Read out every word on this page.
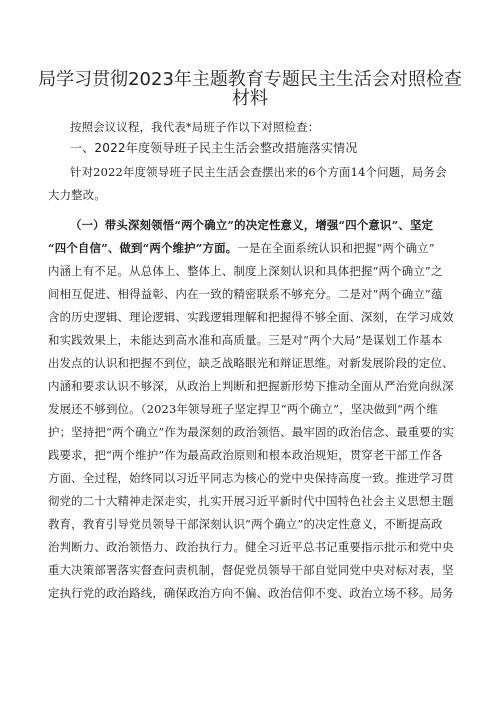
局学习贯彻2023年主题教育专题民主生活会对照检查
材料
按照会议议程，我代表*局班子作以下对照检查：
一、2022年度领导班子民主生活会整改措施落实情况
针对2022年度领导班子民主生活会查摆出来的6个方面14个问题，局务会
大力整改。
（一）带头深刻领悟“两个确立”的决定性意义，增强“四个意识”、坚定
“四个自信”、做到“两个维护”方面。一是在全面系统认识和把握“两个确立”
内涵上有不足。从总体上、整体上、制度上深刻认识和具体把握“两个确立”之
间相互促进、相得益彰、内在一致的精密联系不够充分。二是对“两个确立”蕴
含的历史逻辑、理论逻辑、实践逻辑理解和把握得不够全面、深刻，在学习成效
和实践效果上，未能达到高水准和高质量。三是对“两个大局”是谋划工作基本
出发点的认识和把握不到位，缺乏战略眼光和辩证思维。对新发展阶段的定位、
内涵和要求认识不够深，从政治上判断和把握新形势下推动全面从严治党向纵深
发展还不够到位。（2023年领导班子坚定捍卫“两个确立”，坚决做到“两个维
护；坚持把“两个确立”作为最深刻的政治领悟、最牢固的政治信念、最重要的实
践要求，把“两个维护”作为最高政治原则和根本政治规矩，贯穿老干部工作各
方面、全过程，始终同以习近平同志为核心的党中央保持高度一致。推进学习贯
彻党的二十大精神走深走实，扎实开展习近平新时代中国特色社会主义思想主题
教育，教育引导党员领导干部深刻认识“两个确立”的决定性意义，不断提高政
治判断力、政治领悟力、政治执行力。健全习近平总书记重要指示批示和党中央
重大决策部署落实督查问责机制，督促党员领导干部自觉同党中央对标对表，坚
定执行党的政治路线，确保政治方向不偏、政治信仰不变、政治立场不移。局务
